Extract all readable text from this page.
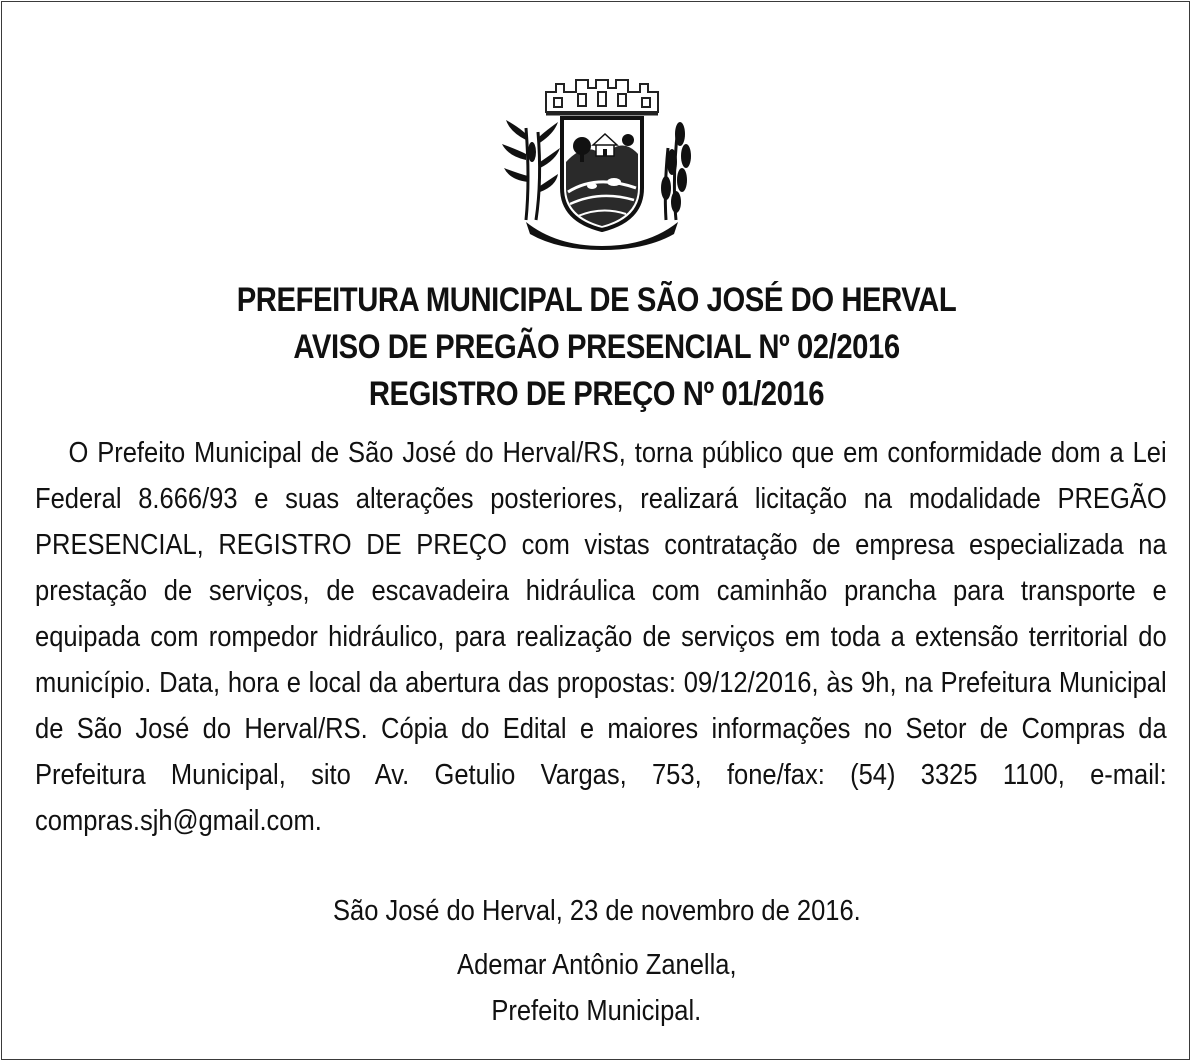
PREFEITURA MUNICIPAL DE SÃO JOSÉ DO HERVAL
AVISO DE PREGÃO PRESENCIAL Nº 02/2016
REGISTRO DE PREÇO Nº 01/2016

O Prefeito Municipal de São José do Herval/RS, torna público que em conformidade dom a Lei Federal 8.666/93 e suas alterações posteriores, realizará licitação na modalidade PREGÃO PRESENCIAL, REGISTRO DE PREÇO com vistas contratação de empresa especializada na prestação de serviços, de escavadeira hidráulica com caminhão prancha para transporte e equipada com rompedor hidráulico, para realização de serviços em toda a extensão territorial do município. Data, hora e local da abertura das propostas: 09/12/2016, às 9h, na Prefeitura Municipal de São José do Herval/RS. Cópia do Edital e maiores informações no Setor de Compras da Prefeitura Municipal, sito Av. Getulio Vargas, 753, fone/fax: (54) 3325 1100, e-mail: compras.sjh@gmail.com.

São José do Herval, 23 de novembro de 2016.
Ademar Antônio Zanella,
Prefeito Municipal.
